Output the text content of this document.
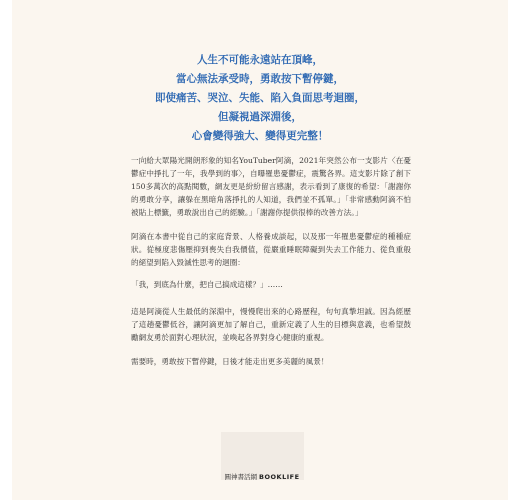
人生不可能永遠站在頂峰，
當心無法承受時，勇敢按下暫停鍵，
即使痛苦、哭泣、失能、陷入負面思考迴圈，
但凝視過深淵後，
心會變得強大、變得更完整！

一向給大眾陽光開朗形象的知名YouTuber阿滴，2021年突然公布一支影片〈在憂鬱症中掙扎了一年，我學到的事〉，自曝罹患憂鬱症，震驚各界。這支影片除了創下150多萬次的高點閱數，網友更是紛紛留言感謝，表示看到了康復的希望：「謝謝你的勇敢分享，讓躲在黑暗角落掙扎的人知道，我們並不孤單。」「非常感動阿滴不怕被貼上標籤，勇敢說出自己的經驗。」「謝謝你提供很棒的改善方法。」

阿滴在本書中從自己的家庭背景、人格養成談起，以及那一年罹患憂鬱症的種種症狀。從極度悲傷壓抑到喪失自我價值，從嚴重睡眠障礙到失去工作能力、從負重般的絕望到陷入毀滅性思考的迴圈：

「我，到底為什麼，把自己搞成這樣？」……

這是阿滴從人生最低的深淵中，慢慢爬出來的心路歷程，句句真摯坦誠。因為經歷了這趟憂鬱低谷，讓阿滴更加了解自己，重新定義了人生的目標與意義，也希望鼓勵網友勇於面對心理狀況，並喚起各界對身心健康的重視。

需要時，勇敢按下暫停鍵，日後才能走出更多美麗的風景！

圓神書活網 BOOKLIFE
